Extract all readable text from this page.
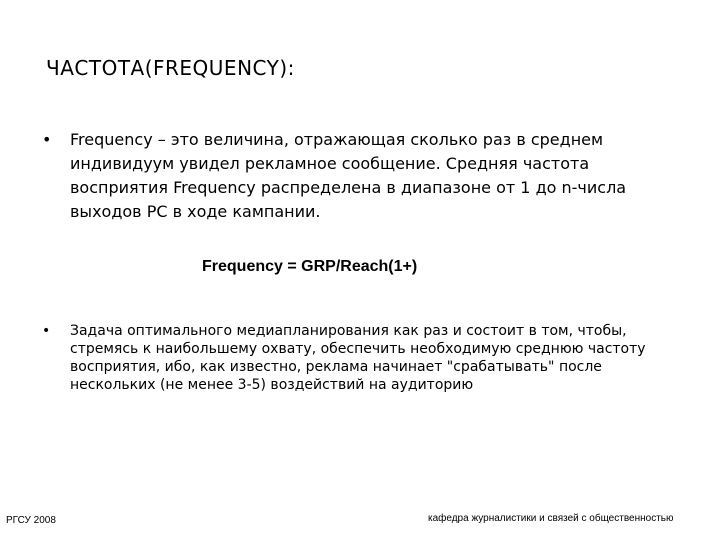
ЧАСТОТА(FREQUENCY):
•	Frequency – это величина, отражающая сколько раз в среднем индивидуум увидел рекламное сообщение. Средняя частота восприятия Frequency распределена в диапазоне от 1 до n-числа выходов РС в ходе кампании.
Frequency = GRP/Reach(1+)
•	Задача оптимального медиапланирования как раз и состоит в том, чтобы, стремясь к наибольшему охвату, обеспечить необходимую среднюю частоту восприятия, ибо, как известно, реклама начинает "срабатывать" после нескольких (не менее 3-5) воздействий на аудиторию
РГСУ 2008	кафедра журналистики и связей с общественностью
